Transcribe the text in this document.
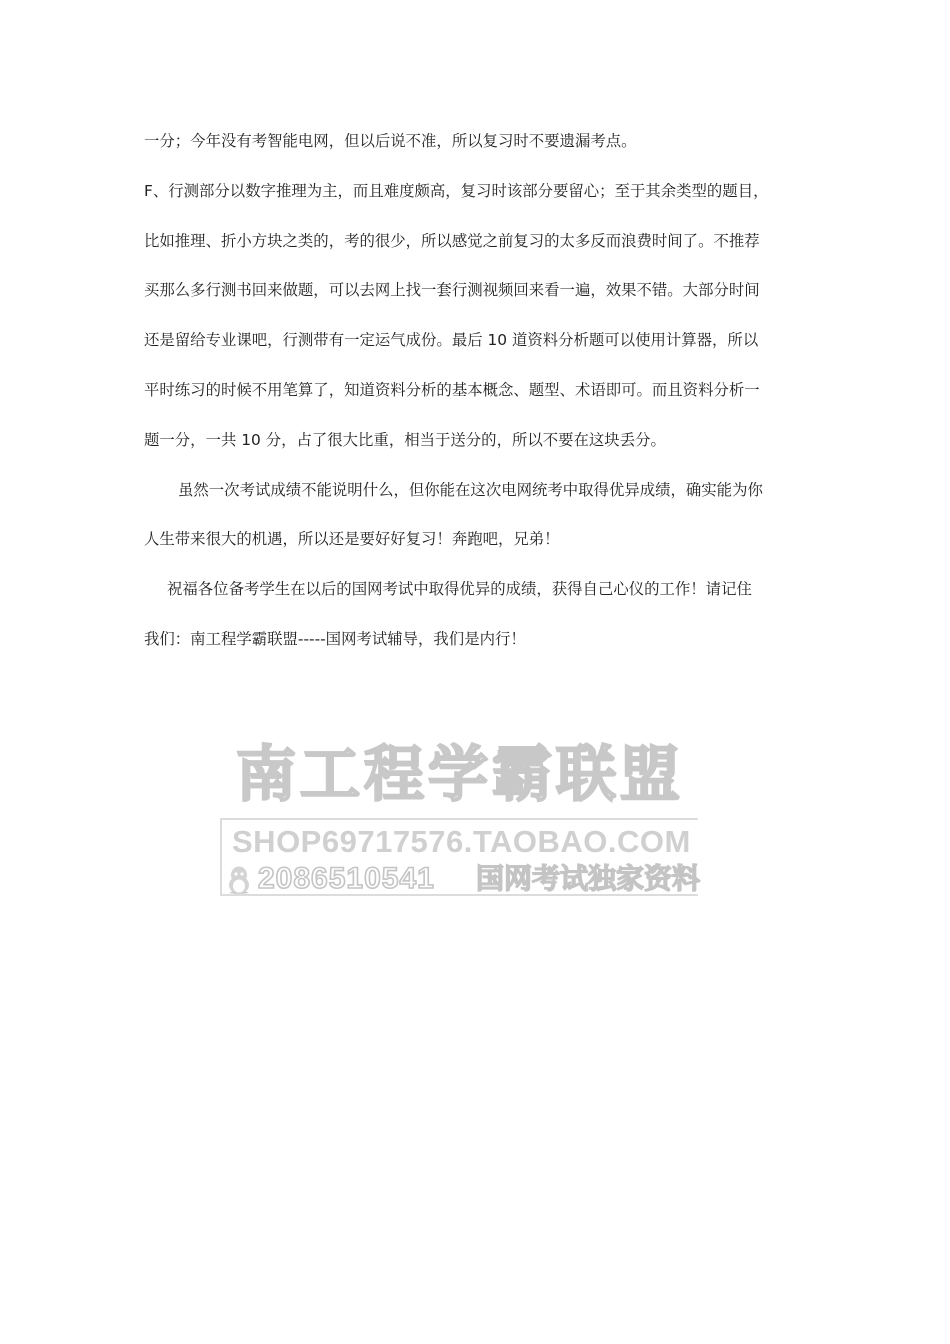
一分；今年没有考智能电网，但以后说不准，所以复习时不要遗漏考点。
F、行测部分以数字推理为主，而且难度颇高，复习时该部分要留心；至于其余类型的题目，
比如推理、折小方块之类的，考的很少，所以感觉之前复习的太多反而浪费时间了。不推荐
买那么多行测书回来做题，可以去网上找一套行测视频回来看一遍，效果不错。大部分时间
还是留给专业课吧，行测带有一定运气成份。最后 10 道资料分析题可以使用计算器，所以
平时练习的时候不用笔算了，知道资料分析的基本概念、题型、术语即可。而且资料分析一
题一分，一共 10 分，占了很大比重，相当于送分的，所以不要在这块丢分。
虽然一次考试成绩不能说明什么，但你能在这次电网统考中取得优异成绩，确实能为你
人生带来很大的机遇，所以还是要好好复习！奔跑吧，兄弟！
祝福各位备考学生在以后的国网考试中取得优异的成绩，获得自己心仪的工作！请记住
我们：南工程学霸联盟-----国网考试辅导，我们是内行！
南工程学霸联盟
SHOP69717576.TAOBAO.COM
2086510541 国网考试独家资料
